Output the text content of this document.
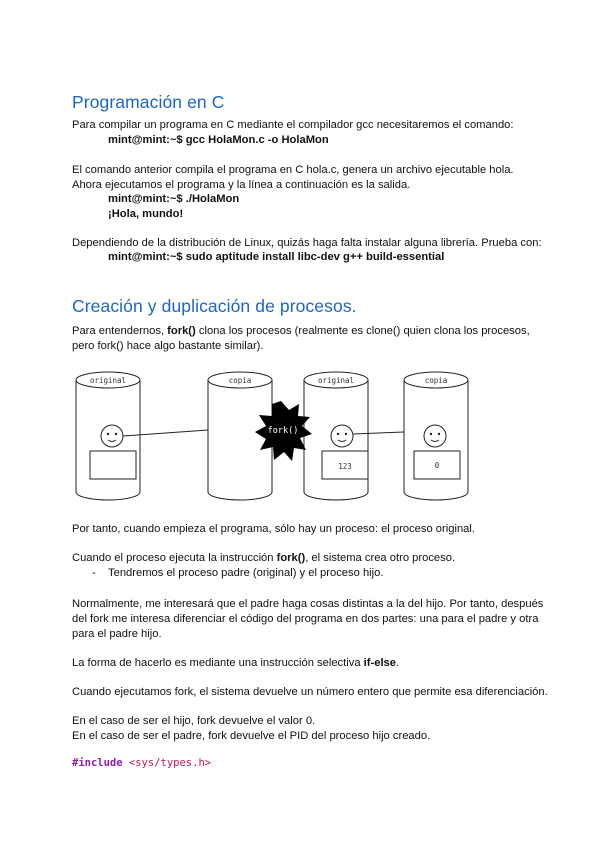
Programación en C

Para compilar un programa en C mediante el compilador gcc necesitaremos el comando:

mint@mint:~$ gcc HolaMon.c -o HolaMon

El comando anterior compila el programa en C hola.c, genera un archivo ejecutable hola.

Ahora ejecutamos el programa y la línea a continuación es la salida.

mint@mint:~$ ./HolaMon

¡Hola, mundo!

Dependiendo de la distribución de Linux, quizás haga falta instalar alguna librería. Prueba con:

mint@mint:~$ sudo aptitude install libc-dev g++ build-essential

Creación y duplicación de procesos.

Para entendernos, fork() clona los procesos (realmente es clone() quien clona los procesos,

pero fork() hace algo bastante similar).

fork()
original	copia	original	copia
123	0

Por tanto, cuando empieza el programa, sólo hay un proceso: el proceso original.

Cuando el proceso ejecuta la instrucción fork(), el sistema crea otro proceso.

- Tendremos el proceso padre (original) y el proceso hijo.

Normalmente, me interesará que el padre haga cosas distintas a la del hijo. Por tanto, después

del fork me interesa diferenciar el código del programa en dos partes: una para el padre y otra

para el padre hijo.

La forma de hacerlo es mediante una instrucción selectiva if-else.

Cuando ejecutamos fork, el sistema devuelve un número entero que permite esa diferenciación.

En el caso de ser el hijo, fork devuelve el valor 0.

En el caso de ser el padre, fork devuelve el PID del proceso hijo creado.

#include <sys/types.h>
